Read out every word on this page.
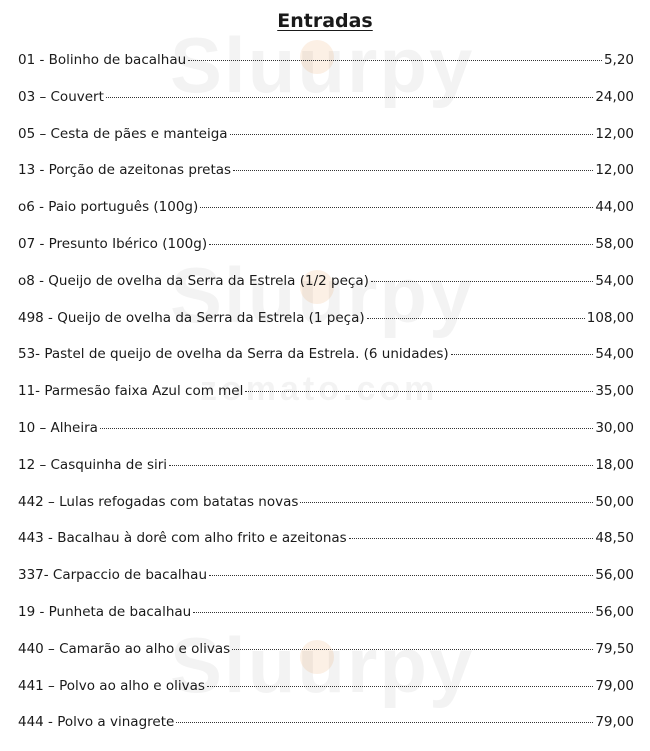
Entradas
01 - Bolinho de bacalhau	5,20
03 – Couvert	24,00
05 – Cesta de pães e manteiga	12,00
13 - Porção de azeitonas pretas	12,00
o6 - Paio português (100g)	44,00
07 - Presunto Ibérico (100g)	58,00
o8 - Queijo de ovelha da Serra da Estrela (1/2 peça)	54,00
498 - Queijo de ovelha da Serra da Estrela (1 peça)	108,00
53- Pastel de queijo de ovelha da Serra da Estrela. (6 unidades)	54,00
11- Parmesão faixa Azul com mel	35,00
10 – Alheira	30,00
12 – Casquinha de siri	18,00
442 – Lulas refogadas com batatas novas	50,00
443 - Bacalhau à dorê com alho frito e azeitonas	48,50
337- Carpaccio de bacalhau	56,00
19 - Punheta de bacalhau	56,00
440 – Camarão ao alho e olivas	79,50
441 – Polvo ao alho e olivas	79,00
444 - Polvo a vinagrete	79,00
